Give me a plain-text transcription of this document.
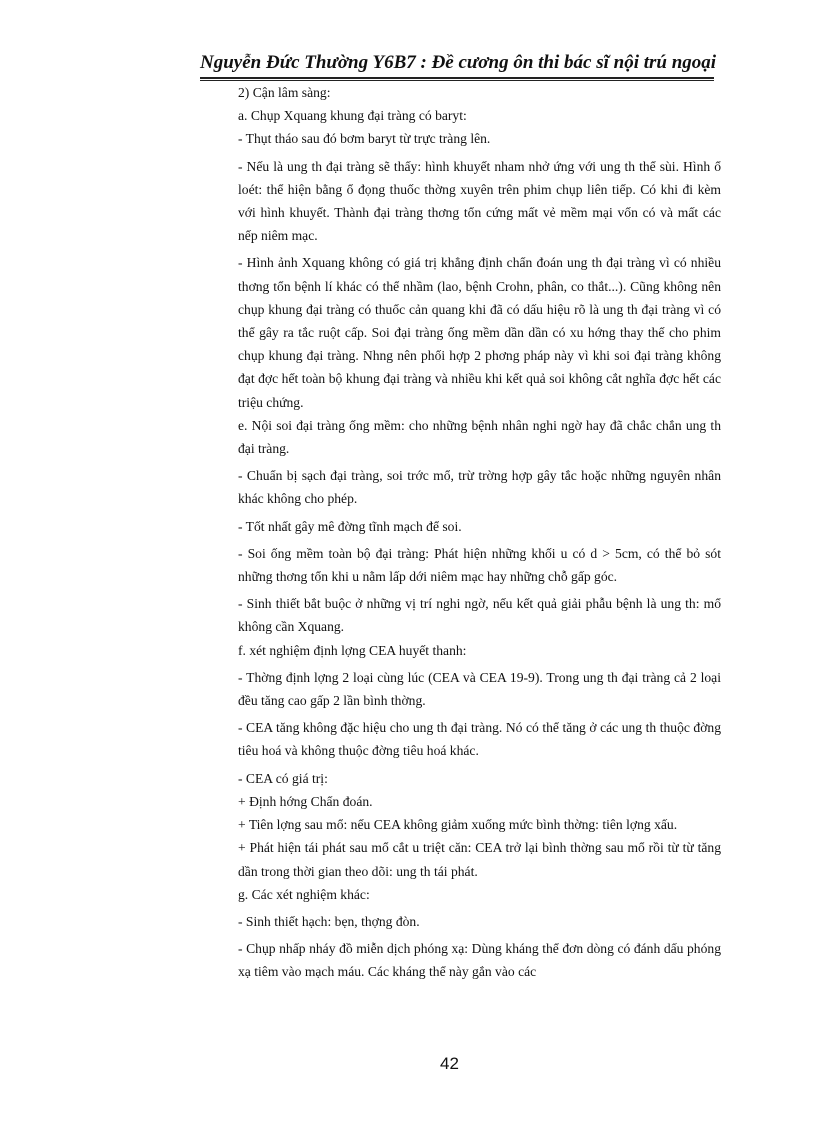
Nguyễn Đức Thường Y6B7 : Đề cương ôn thi bác sĩ nội trú ngoại

2) Cận lâm sàng:

a. Chụp Xquang khung đại tràng có baryt:

- Thụt tháo sau đó bơm baryt từ trực tràng lên.

- Nếu là ung th đại tràng sẽ thấy: hình khuyết nham nhở ứng với ung th thể sùi. Hình ổ loét: thể hiện bằng ổ đọng thuốc thờng xuyên trên phim chụp liên tiếp. Có khi đi kèm với hình khuyết. Thành đại tràng thơng tổn cứng mất vẻ mềm mại vốn có và mất các nếp niêm mạc.

- Hình ảnh Xquang không có giá trị khẳng định chẩn đoán ung th đại tràng vì có nhiều thơng tổn bệnh lí khác có thể nhầm (lao, bệnh Crohn, phân, co thắt...). Cũng không nên chụp khung đại tràng có thuốc cản quang khi đã có dấu hiệu rõ là ung th đại tràng vì có thể gây ra tắc ruột cấp. Soi đại tràng ống mềm dần dần có xu hớng thay thế cho phim chụp khung đại tràng. Nhng nên phối hợp 2 phơng pháp này vì khi soi đại tràng không đạt đợc hết toàn bộ khung đại tràng và nhiều khi kết quả soi không cắt nghĩa đợc hết các triệu chứng.

e. Nội soi đại tràng ống mềm: cho những bệnh nhân nghi ngờ hay đã chắc chắn ung th đại tràng.

- Chuẩn bị sạch đại tràng, soi trớc mổ, trừ trờng hợp gây tắc hoặc những nguyên nhân khác không cho phép.

- Tốt nhất gây mê đờng tĩnh mạch để soi.

- Soi ống mềm toàn bộ đại tràng: Phát hiện những khối u có d > 5cm, có thể bỏ sót những thơng tổn khi u nằm lấp dới niêm mạc hay những chỗ gấp góc.

- Sinh thiết bắt buộc ở những vị trí nghi ngờ, nếu kết quả giải phẫu bệnh là ung th: mổ không cần Xquang.

f. xét nghiệm định lợng CEA huyết thanh:

- Thờng định lợng 2 loại cùng lúc (CEA và CEA 19-9). Trong ung th đại tràng cả 2 loại đều tăng cao gấp 2 lần bình thờng.

- CEA tăng không đặc hiệu cho ung th đại tràng. Nó có thể tăng ở các ung th thuộc đờng tiêu hoá và không thuộc đờng tiêu hoá khác.

- CEA có giá trị:

+ Định hớng Chẩn đoán.

+ Tiên lợng sau mổ: nếu CEA không giảm xuống mức bình thờng: tiên lợng xấu.

+ Phát hiện tái phát sau mổ cắt u triệt căn: CEA trở lại bình thờng sau mổ rồi từ từ tăng dần trong thời gian theo dõi: ung th tái phát.

g. Các xét nghiệm khác:

- Sinh thiết hạch: bẹn, thợng đòn.

- Chụp nhấp nháy đồ miễn dịch phóng xạ: Dùng kháng thể đơn dòng có đánh dấu phóng xạ tiêm vào mạch máu. Các kháng thể này gắn vào các

42
